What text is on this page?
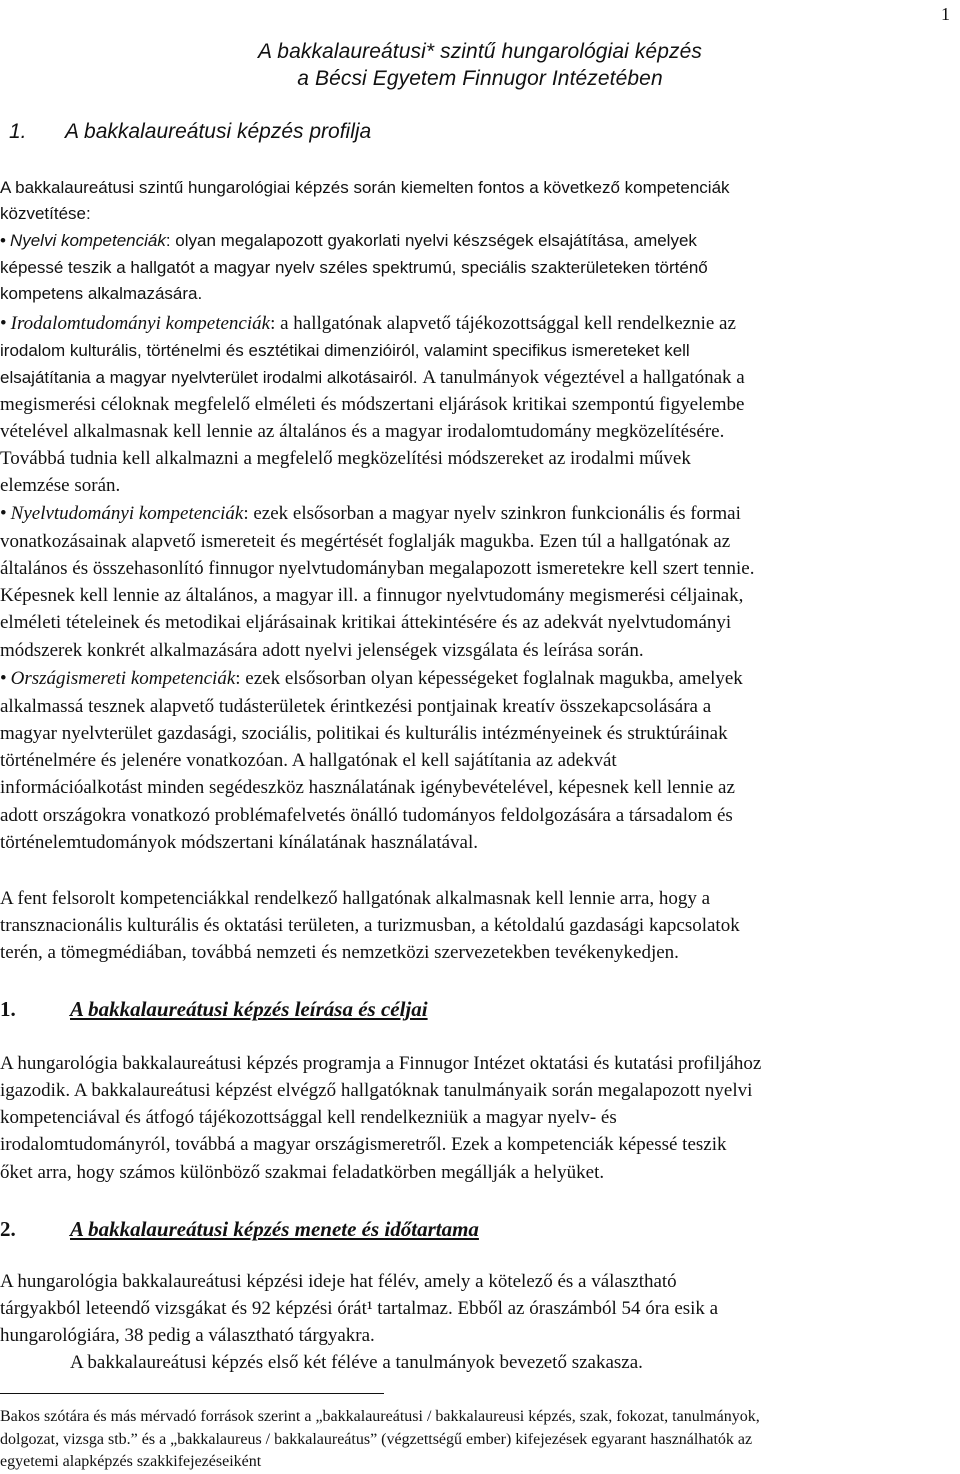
1
A bakkalaureátusi* szintű hungarológiai képzés
a Bécsi Egyetem Finnugor Intézetében
1. A bakkalaureátusi képzés profilja
A bakkalaureátusi szintű hungarológiai képzés során kiemelten fontos a következő kompetenciák
közvetítése:
• Nyelvi kompetenciák: olyan megalapozott gyakorlati nyelvi készségek elsajátítása, amelyek
képessé teszik a hallgatót a magyar nyelv széles spektrumú, speciális szakterületeken történő
kompetens alkalmazására.
• Irodalomtudományi kompetenciák: a hallgatónak alapvető tájékozottsággal kell rendelkeznie az
irodalom kulturális, történelmi és esztétikai dimenzióiról, valamint specifikus ismereteket kell
elsajátítania a magyar nyelvterület irodalmi alkotásairól. A tanulmányok végeztével a hallgatónak a
megismerési céloknak megfelelő elméleti és módszertani eljárások kritikai szempontú figyelembe
vételével alkalmasnak kell lennie az általános és a magyar irodalomtudomány megközelítésére.
Továbbá tudnia kell alkalmazni a megfelelő megközelítési módszereket az irodalmi művek
elemzése során.
• Nyelvtudományi kompetenciák: ezek elsősorban a magyar nyelv szinkron funkcionális és formai
vonatkozásainak alapvető ismereteit és megértését foglalják magukba. Ezen túl a hallgatónak az
általános és összehasonlító finnugor nyelvtudományban megalapozott ismeretekre kell szert tennie.
Képesnek kell lennie az általános, a magyar ill. a finnugor nyelvtudomány megismerési céljainak,
elméleti tételeinek és metodikai eljárásainak kritikai áttekintésére és az adekvát nyelvtudományi
módszerek konkrét alkalmazására adott nyelvi jelenségek vizsgálata és leírása során.
• Országismereti kompetenciák: ezek elsősorban olyan képességeket foglalnak magukba, amelyek
alkalmassá tesznek alapvető tudásterületek érintkezési pontjainak kreatív összekapcsolására a
magyar nyelvterület gazdasági, szociális, politikai és kulturális intézményeinek és struktúráinak
történelmére és jelenére vonatkozóan. A hallgatónak el kell sajátítania az adekvát
információalkotást minden segédeszköz használatának igénybevételével, képesnek kell lennie az
adott országokra vonatkozó problémafelvetés önálló tudományos feldolgozására a társadalom és
történelemtudományok módszertani kínálatának használatával.
A fent felsorolt kompetenciákkal rendelkező hallgatónak alkalmasnak kell lennie arra, hogy a
transznacionális kulturális és oktatási területen, a turizmusban, a kétoldalú gazdasági kapcsolatok
terén, a tömegmédiában, továbbá nemzeti és nemzetközi szervezetekben tevékenykedjen.
1.	A bakkalaureátusi képzés leírása és céljai
A hungarológia bakkalaureátusi képzés programja a Finnugor Intézet oktatási és kutatási profiljához
igazodik. A bakkalaureátusi képzést elvégző hallgatóknak tanulmányaik során megalapozott nyelvi
kompetenciával és átfogó tájékozottsággal kell rendelkezniük a magyar nyelv- és
irodalomtudományról, továbbá a magyar országismeretről. Ezek a kompetenciák képessé teszik
őket arra, hogy számos különböző szakmai feladatkörben megállják a helyüket.
2.	A bakkalaureátusi képzés menete és időtartama
A hungarológia bakkalaureátusi képzési ideje hat félév, amely a kötelező és a választható
tárgyakból leteendő vizsgákat és 92 képzési órát¹ tartalmaz. Ebből az óraszámból 54 óra esik a
hungarológiára, 38 pedig a választható tárgyakra.
A bakkalaureátusi képzés első két féléve a tanulmányok bevezető szakasza.
Bakos szótára és más mérvadó források szerint a „bakkalaureátusi / bakkalaureusi képzés, szak, fokozat, tanulmányok,
dolgozat, vizsga stb.” és a „bakkalaureus / bakkalaureátus” (végzettségű ember) kifejezések egyarant használhatók az
egyetemi alapképzés szakkifejezéseiként
